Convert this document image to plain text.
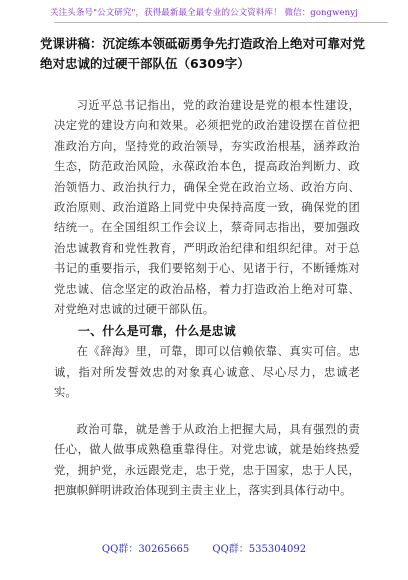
关注头条号"公文研究"，获得最新最全最专业的公文资料库！ 微信：gongwenyj
党课讲稿：沉淀练本领砥砺勇争先打造政治上绝对可靠对党绝对忠诚的过硬干部队伍（6309字）

习近平总书记指出，党的政治建设是党的根本性建设，决定党的建设方向和效果。必须把党的政治建设摆在首位把准政治方向，坚持党的政治领导，夯实政治根基，涵养政治生态，防范政治风险，永葆政治本色，提高政治判断力、政治领悟力、政治执行力，确保全党在政治立场、政治方向、政治原则、政治道路上同党中央保持高度一致，确保党的团结统一。在全国组织工作会议上，蔡奇同志指出，要加强政治忠诚教育和党性教育，严明政治纪律和组织纪律。对于总书记的重要指示，我们要铭刻于心、见诸于行，不断锤炼对党忠诚、信念坚定的政治品格，着力打造政治上绝对可靠、对党绝对忠诚的过硬干部队伍。

一、什么是可靠，什么是忠诚

在《辞海》里，可靠，即可以信赖依靠、真实可信。忠诚，指对所发誓效忠的对象真心诚意、尽心尽力，忠诚老实。

政治可靠，就是善于从政治上把握大局，具有强烈的责任心，做人做事成熟稳重靠得住。对党忠诚，就是始终热爱党，拥护党，永远跟党走，忠于党，忠于国家，忠于人民，把旗帜鲜明讲政治体现到主责主业上，落实到具体行动中。

QQ群：30265665 QQ群：535304092
